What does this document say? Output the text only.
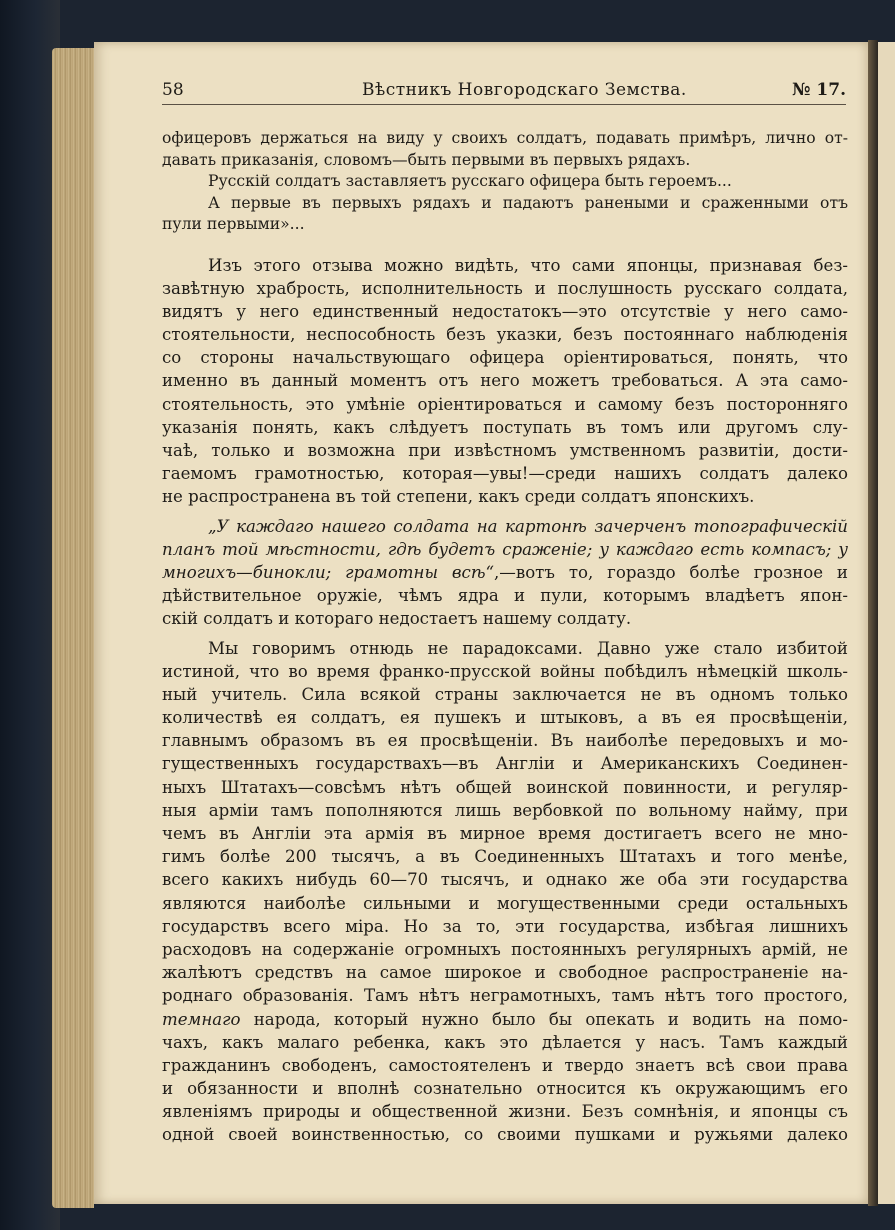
58	Вѣстникъ Новгородскаго Земства.	№ 17.
офицеровъ держаться на виду у своихъ солдатъ, подавать примѣръ, лично от-
давать приказанія, словомъ—быть первыми въ первыхъ рядахъ.
Русскій солдатъ заставляетъ русскаго офицера быть героемъ...
А первые въ первыхъ рядахъ и падаютъ ранеными и сраженными отъ
пули первыми»...

Изъ этого отзыва можно видѣть, что сами японцы, признавая без-
завѣтную храбрость, исполнительность и послушность русскаго солдата,
видятъ у него единственный недостатокъ—это отсутствіе у него само-
стоятельности, неспособность безъ указки, безъ постояннаго наблюденія
со стороны начальствующаго офицера оріентироваться, понять, что
именно въ данный моментъ отъ него можетъ требоваться. А эта само-
стоятельность, это умѣніе оріентироваться и самому безъ посторонняго
указанія понять, какъ слѣдуетъ поступать въ томъ или другомъ слу-
чаѣ, только и возможна при извѣстномъ умственномъ развитіи, дости-
гаемомъ грамотностью, которая—увы!—среди нашихъ солдатъ далеко
не распространена въ той степени, какъ среди солдатъ японскихъ.

„У каждаго нашего солдата на картонѣ зачерченъ топографическій
планъ той мѣстности, гдѣ будетъ сраженіе; у каждаго есть компасъ; у
многихъ—бинокли; грамотны всѣ“,—вотъ то, гораздо болѣе грозное и
дѣйствительное оружіе, чѣмъ ядра и пули, которымъ владѣетъ япон-
скій солдатъ и котораго недостаетъ нашему солдату.

Мы говоримъ отнюдь не парадоксами. Давно уже стало избитой
истиной, что во время франко-прусской войны побѣдилъ нѣмецкій школь-
ный учитель. Сила всякой страны заключается не въ одномъ только
количествѣ ея солдатъ, ея пушекъ и штыковъ, а въ ея просвѣщеніи,
главнымъ образомъ въ ея просвѣщеніи. Въ наиболѣе передовыхъ и мо-
гущественныхъ государствахъ—въ Англіи и Американскихъ Соединен-
ныхъ Штатахъ—совсѣмъ нѣтъ общей воинской повинности, и регуляр-
ныя арміи тамъ пополняются лишь вербовкой по вольному найму, при
чемъ въ Англіи эта армія въ мирное время достигаетъ всего не мно-
гимъ болѣе 200 тысячъ, а въ Соединенныхъ Штатахъ и того менѣе,
всего какихъ нибудь 60—70 тысячъ, и однако же оба эти государства
являются наиболѣе сильными и могущественными среди остальныхъ
государствъ всего міра. Но за то, эти государства, избѣгая лишнихъ
расходовъ на содержаніе огромныхъ постоянныхъ регулярныхъ армій, не
жалѣютъ средствъ на самое широкое и свободное распространеніе на-
роднаго образованія. Тамъ нѣтъ неграмотныхъ, тамъ нѣтъ того простого,
темнаго народа, который нужно было бы опекать и водить на помо-
чахъ, какъ малаго ребенка, какъ это дѣлается у насъ. Тамъ каждый
гражданинъ свободенъ, самостоятеленъ и твердо знаетъ всѣ свои права
и обязанности и вполнѣ сознательно относится къ окружающимъ его
явленіямъ природы и общественной жизни. Безъ сомнѣнія, и японцы съ
одной своей воинственностью, со своими пушками и ружьями далеко
